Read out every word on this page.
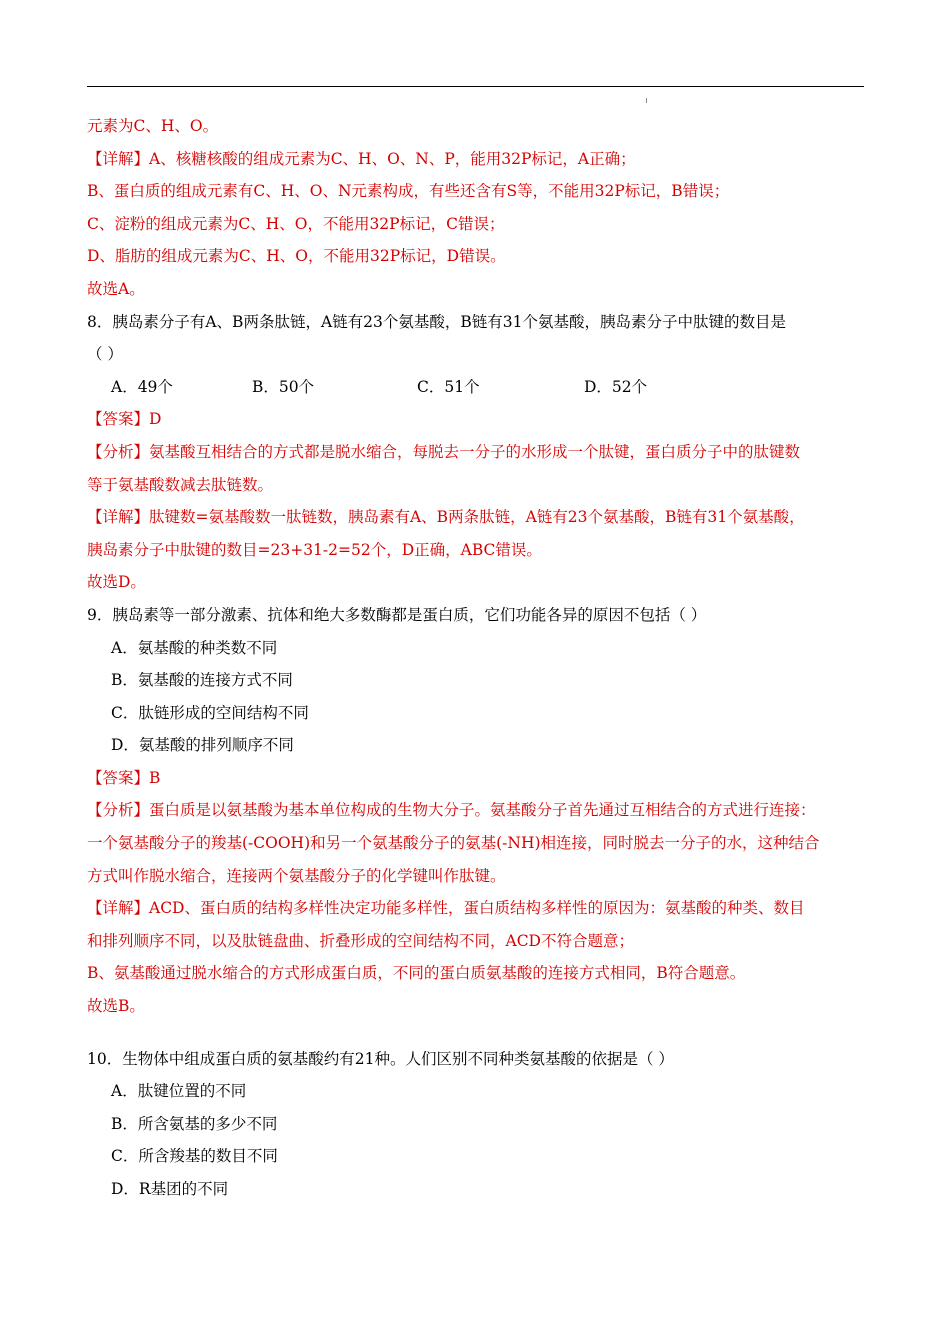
元素为C、H、O。
【详解】A、核糖核酸的组成元素为C、H、O、N、P，能用32P标记，A正确；
B、蛋白质的组成元素有C、H、O、N元素构成，有些还含有S等，不能用32P标记，B错误；
C、淀粉的组成元素为C、H、O，不能用32P标记，C错误；
D、脂肪的组成元素为C、H、O，不能用32P标记，D错误。
故选A。
8．胰岛素分子有A、B两条肽链，A链有23个氨基酸，B链有31个氨基酸，胰岛素分子中肽键的数目是
（ ）
A．49个	B．50个	C．51个	D．52个
【答案】D
【分析】氨基酸互相结合的方式都是脱水缩合，每脱去一分子的水形成一个肽键，蛋白质分子中的肽键数
等于氨基酸数减去肽链数。
【详解】肽键数=氨基酸数一肽链数，胰岛素有A、B两条肽链，A链有23个氨基酸，B链有31个氨基酸，
胰岛素分子中肽键的数目=23+31-2=52个，D正确，ABC错误。
故选D。
9．胰岛素等一部分激素、抗体和绝大多数酶都是蛋白质，它们功能各异的原因不包括（ ）
A．氨基酸的种类数不同
B．氨基酸的连接方式不同
C．肽链形成的空间结构不同
D．氨基酸的排列顺序不同
【答案】B
【分析】蛋白质是以氨基酸为基本单位构成的生物大分子。氨基酸分子首先通过互相结合的方式进行连接：
一个氨基酸分子的羧基(-COOH)和另一个氨基酸分子的氨基(-NH)相连接，同时脱去一分子的水，这种结合
方式叫作脱水缩合，连接两个氨基酸分子的化学键叫作肽键。
【详解】ACD、蛋白质的结构多样性决定功能多样性，蛋白质结构多样性的原因为：氨基酸的种类、数目
和排列顺序不同，以及肽链盘曲、折叠形成的空间结构不同，ACD不符合题意；
B、氨基酸通过脱水缩合的方式形成蛋白质，不同的蛋白质氨基酸的连接方式相同，B符合题意。
故选B。
10．生物体中组成蛋白质的氨基酸约有21种。人们区别不同种类氨基酸的依据是（ ）
A．肽键位置的不同
B．所含氨基的多少不同
C．所含羧基的数目不同
D．R基团的不同
